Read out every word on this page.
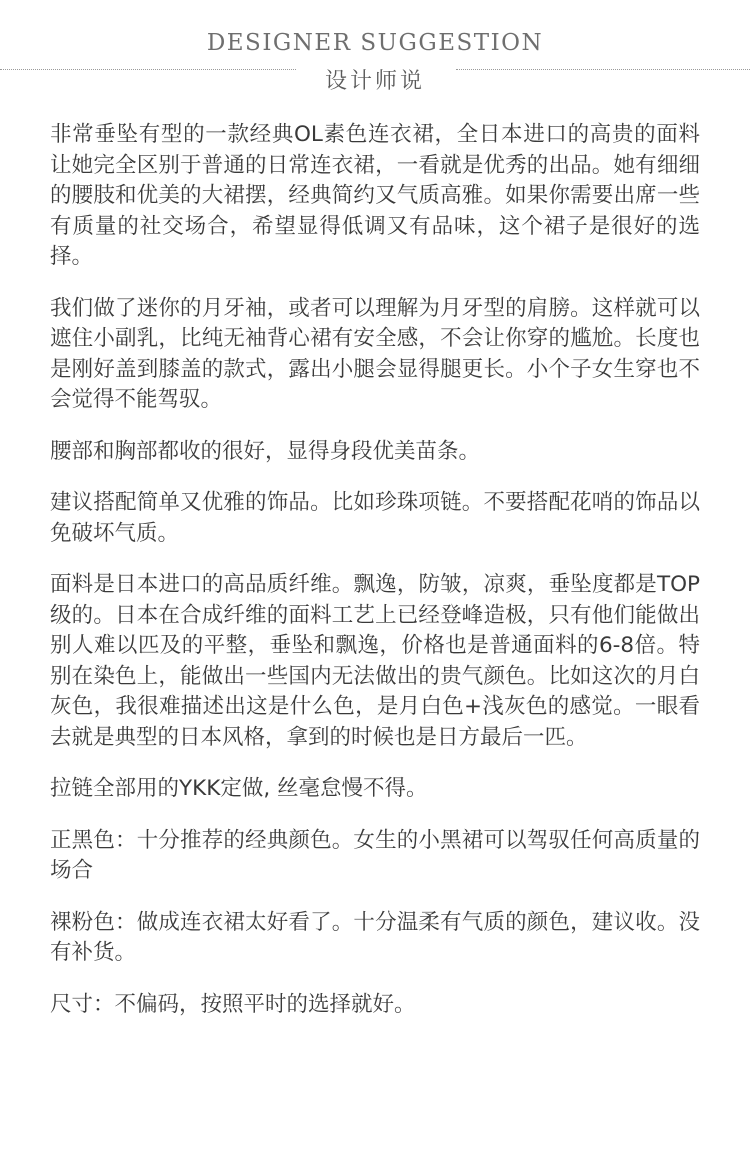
DESIGNER SUGGESTION
设计师说

非常垂坠有型的一款经典OL素色连衣裙，全日本进口的高贵的面料让她完全区别于普通的日常连衣裙，一看就是优秀的出品。她有细细的腰肢和优美的大裙摆，经典简约又气质高雅。如果你需要出席一些有质量的社交场合，希望显得低调又有品味，这个裙子是很好的选择。

我们做了迷你的月牙袖，或者可以理解为月牙型的肩膀。这样就可以遮住小副乳，比纯无袖背心裙有安全感，不会让你穿的尴尬。长度也是刚好盖到膝盖的款式，露出小腿会显得腿更长。小个子女生穿也不会觉得不能驾驭。

腰部和胸部都收的很好，显得身段优美苗条。

建议搭配简单又优雅的饰品。比如珍珠项链。不要搭配花哨的饰品以免破坏气质。

面料是日本进口的高品质纤维。飘逸，防皱，凉爽，垂坠度都是TOP级的。日本在合成纤维的面料工艺上已经登峰造极，只有他们能做出别人难以匹及的平整，垂坠和飘逸，价格也是普通面料的6-8倍。特别在染色上，能做出一些国内无法做出的贵气颜色。比如这次的月白灰色，我很难描述出这是什么色，是月白色+浅灰色的感觉。一眼看去就是典型的日本风格，拿到的时候也是日方最后一匹。

拉链全部用的YKK定做, 丝毫怠慢不得。

正黑色：十分推荐的经典颜色。女生的小黑裙可以驾驭任何高质量的场合

裸粉色：做成连衣裙太好看了。十分温柔有气质的颜色，建议收。没有补货。

尺寸：不偏码，按照平时的选择就好。
